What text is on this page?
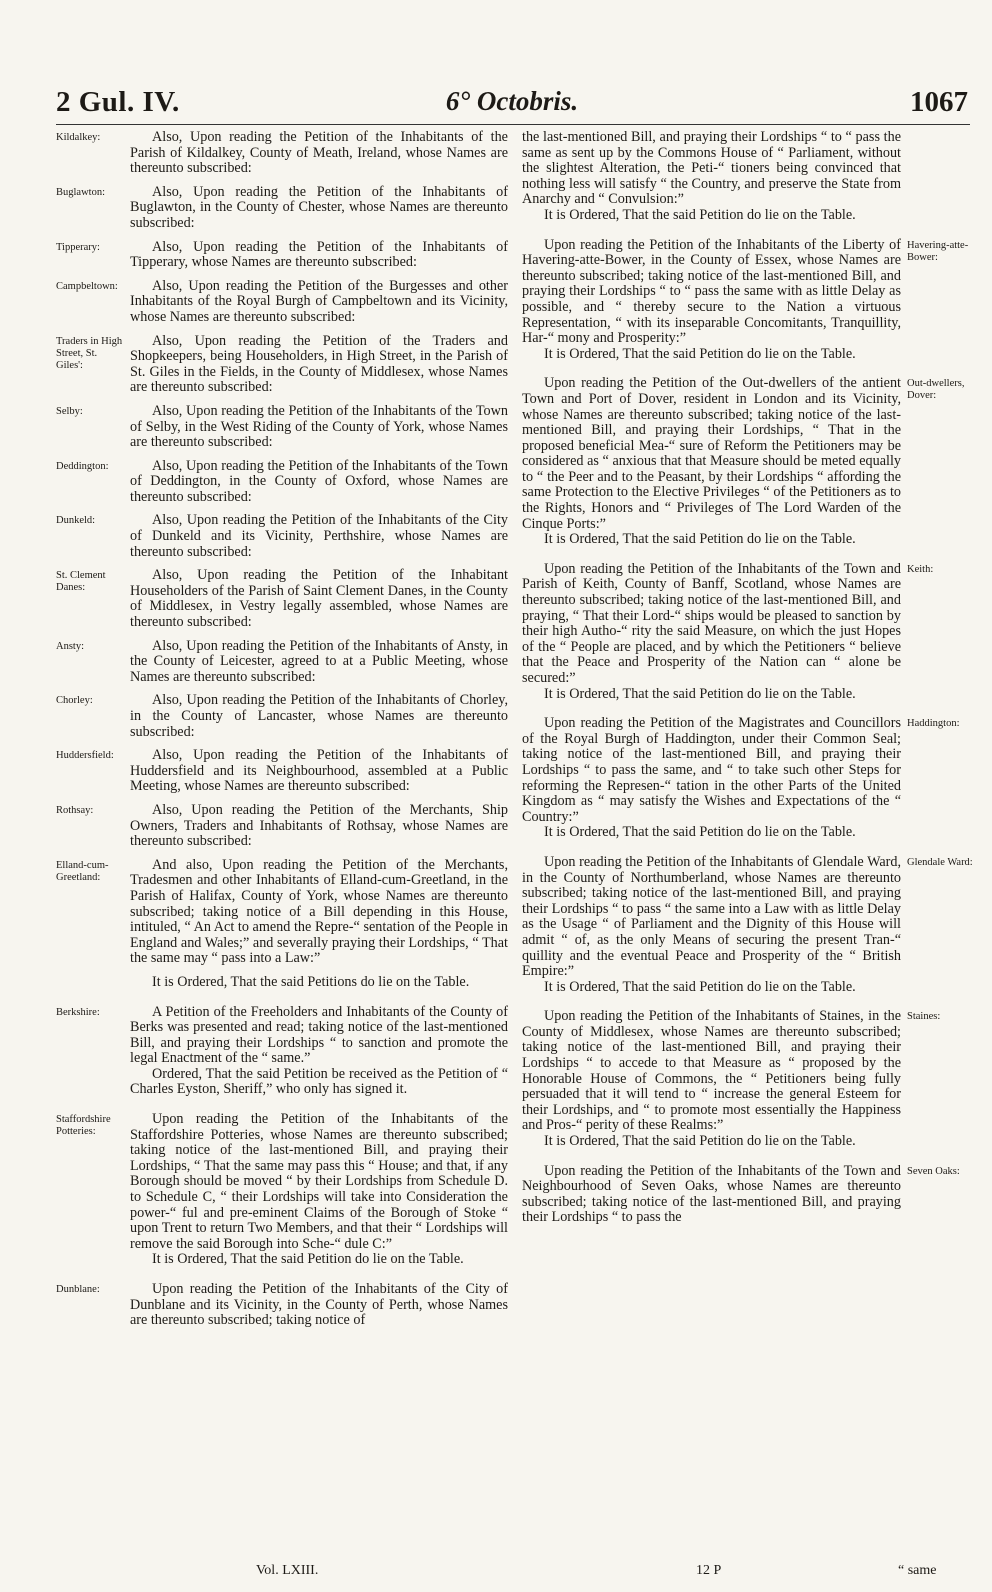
2 Gul. IV.	6° Octobris.	1067
Kildalkey:	Also, Upon reading the Petition of the Inhabitants of the Parish of Kildalkey, County of Meath, Ireland, whose Names are thereunto subscribed:

Buglawton:	Also, Upon reading the Petition of the Inhabitants of Buglawton, in the County of Chester, whose Names are thereunto subscribed:

Tipperary:	Also, Upon reading the Petition of the Inhabitants of Tipperary, whose Names are thereunto subscribed:

Campbeltown:	Also, Upon reading the Petition of the Burgesses and other Inhabitants of the Royal Burgh of Campbeltown and its Vicinity, whose Names are thereunto subscribed:

Traders in High Street, St. Giles':

Also, Upon reading the Petition of the Traders and Shopkeepers, being Householders, in High Street, in the Parish of St. Giles in the Fields, in the County of Middlesex, whose Names are thereunto subscribed:

Selby:	Also, Upon reading the Petition of the Inhabitants of the Town of Selby, in the West Riding of the County of York, whose Names are thereunto subscribed:

Deddington:	Also, Upon reading the Petition of the Inhabitants of the Town of Deddington, in the County of Oxford, whose Names are thereunto subscribed:

Dunkeld:	Also, Upon reading the Petition of the Inhabitants of the City of Dunkeld and its Vicinity, Perthshire, whose Names are thereunto subscribed:

St. Clement Danes:

Also, Upon reading the Petition of the Inhabitant Householders of the Parish of Saint Clement Danes, in the County of Middlesex, in Vestry legally assembled, whose Names are thereunto subscribed:

Ansty:	Also, Upon reading the Petition of the Inhabitants of Ansty, in the County of Leicester, agreed to at a Public Meeting, whose Names are thereunto subscribed:

Chorley:	Also, Upon reading the Petition of the Inhabitants of Chorley, in the County of Lancaster, whose Names are thereunto subscribed:

Huddersfield:	Also, Upon reading the Petition of the Inhabitants of Huddersfield and its Neighbourhood, assembled at a Public Meeting, whose Names are thereunto subscribed:

Rothsay:	Also, Upon reading the Petition of the Merchants, Ship Owners, Traders and Inhabitants of Rothsay, whose Names are thereunto subscribed:

Elland-cum-Greetland:

And also, Upon reading the Petition of the Merchants, Tradesmen and other Inhabitants of Elland-cum-Greetland, in the Parish of Halifax, County of York, whose Names are thereunto subscribed; taking notice of a Bill depending in this House, intituled, “ An Act to amend the Repre-“ sentation of the People in England and Wales;” and severally praying their Lordships, “ That the same may “ pass into a Law:”

It is Ordered, That the said Petitions do lie on the Table.

Berkshire:	A Petition of the Freeholders and Inhabitants of the County of Berks was presented and read; taking notice of the last-mentioned Bill, and praying their Lordships “ to sanction and promote the legal Enactment of the “ same.”

Ordered, That the said Petition be received as the Petition of “ Charles Eyston, Sheriff,” who only has signed it.

Staffordshire Potteries:

Upon reading the Petition of the Inhabitants of the Staffordshire Potteries, whose Names are thereunto subscribed; taking notice of the last-mentioned Bill, and praying their Lordships, “ That the same may pass this “ House; and that, if any Borough should be moved “ by their Lordships from Schedule D. to Schedule C, “ their Lordships will take into Consideration the power-“ ful and pre-eminent Claims of the Borough of Stoke “ upon Trent to return Two Members, and that their “ Lordships will remove the said Borough into Sche-“ dule C:”

It is Ordered, That the said Petition do lie on the Table.

Dunblane:	Upon reading the Petition of the Inhabitants of the City of Dunblane and its Vicinity, in the County of Perth, whose Names are thereunto subscribed; taking notice of

the last-mentioned Bill, and praying their Lordships “ to “ pass the same as sent up by the Commons House of “ Parliament, without the slightest Alteration, the Peti-“ tioners being convinced that nothing less will satisfy “ the Country, and preserve the State from Anarchy and “ Convulsion:”

It is Ordered, That the said Petition do lie on the Table.

Havering-atte-Bower:

Upon reading the Petition of the Inhabitants of the Liberty of Havering-atte-Bower, in the County of Essex, whose Names are thereunto subscribed; taking notice of the last-mentioned Bill, and praying their Lordships “ to “ pass the same with as little Delay as possible, and “ thereby secure to the Nation a virtuous Representation, “ with its inseparable Concomitants, Tranquillity, Har-“ mony and Prosperity:”

It is Ordered, That the said Petition do lie on the Table.

Out-dwellers, Dover:

Upon reading the Petition of the Out-dwellers of the antient Town and Port of Dover, resident in London and its Vicinity, whose Names are thereunto subscribed; taking notice of the last-mentioned Bill, and praying their Lordships, “ That in the proposed beneficial Mea-“ sure of Reform the Petitioners may be considered as “ anxious that that Measure should be meted equally to “ the Peer and to the Peasant, by their Lordships “ affording the same Protection to the Elective Privileges “ of the Petitioners as to the Rights, Honors and “ Privileges of The Lord Warden of the Cinque Ports:”

It is Ordered, That the said Petition do lie on the Table.

Keith:

Upon reading the Petition of the Inhabitants of the Town and Parish of Keith, County of Banff, Scotland, whose Names are thereunto subscribed; taking notice of the last-mentioned Bill, and praying, “ That their Lord-“ ships would be pleased to sanction by their high Autho-“ rity the said Measure, on which the just Hopes of the “ People are placed, and by which the Petitioners “ believe that the Peace and Prosperity of the Nation can “ alone be secured:”

It is Ordered, That the said Petition do lie on the Table.

Haddington:

Upon reading the Petition of the Magistrates and Councillors of the Royal Burgh of Haddington, under their Common Seal; taking notice of the last-mentioned Bill, and praying their Lordships “ to pass the same, and “ to take such other Steps for reforming the Represen-“ tation in the other Parts of the United Kingdom as “ may satisfy the Wishes and Expectations of the “ Country:”

It is Ordered, That the said Petition do lie on the Table.

Glendale Ward:

Upon reading the Petition of the Inhabitants of Glendale Ward, in the County of Northumberland, whose Names are thereunto subscribed; taking notice of the last-mentioned Bill, and praying their Lordships “ to pass “ the same into a Law with as little Delay as the Usage “ of Parliament and the Dignity of this House will admit “ of, as the only Means of securing the present Tran-“ quillity and the eventual Peace and Prosperity of the “ British Empire:”

It is Ordered, That the said Petition do lie on the Table.

Staines:

Upon reading the Petition of the Inhabitants of Staines, in the County of Middlesex, whose Names are thereunto subscribed; taking notice of the last-mentioned Bill, and praying their Lordships “ to accede to that Measure as “ proposed by the Honorable House of Commons, the “ Petitioners being fully persuaded that it will tend to “ increase the general Esteem for their Lordships, and “ to promote most essentially the Happiness and Pros-“ perity of these Realms:”

It is Ordered, That the said Petition do lie on the Table.

Seven Oaks:

Upon reading the Petition of the Inhabitants of the Town and Neighbourhood of Seven Oaks, whose Names are thereunto subscribed; taking notice of the last-mentioned Bill, and praying their Lordships “ to pass the

Vol. LXIII.	12 P	“ same
